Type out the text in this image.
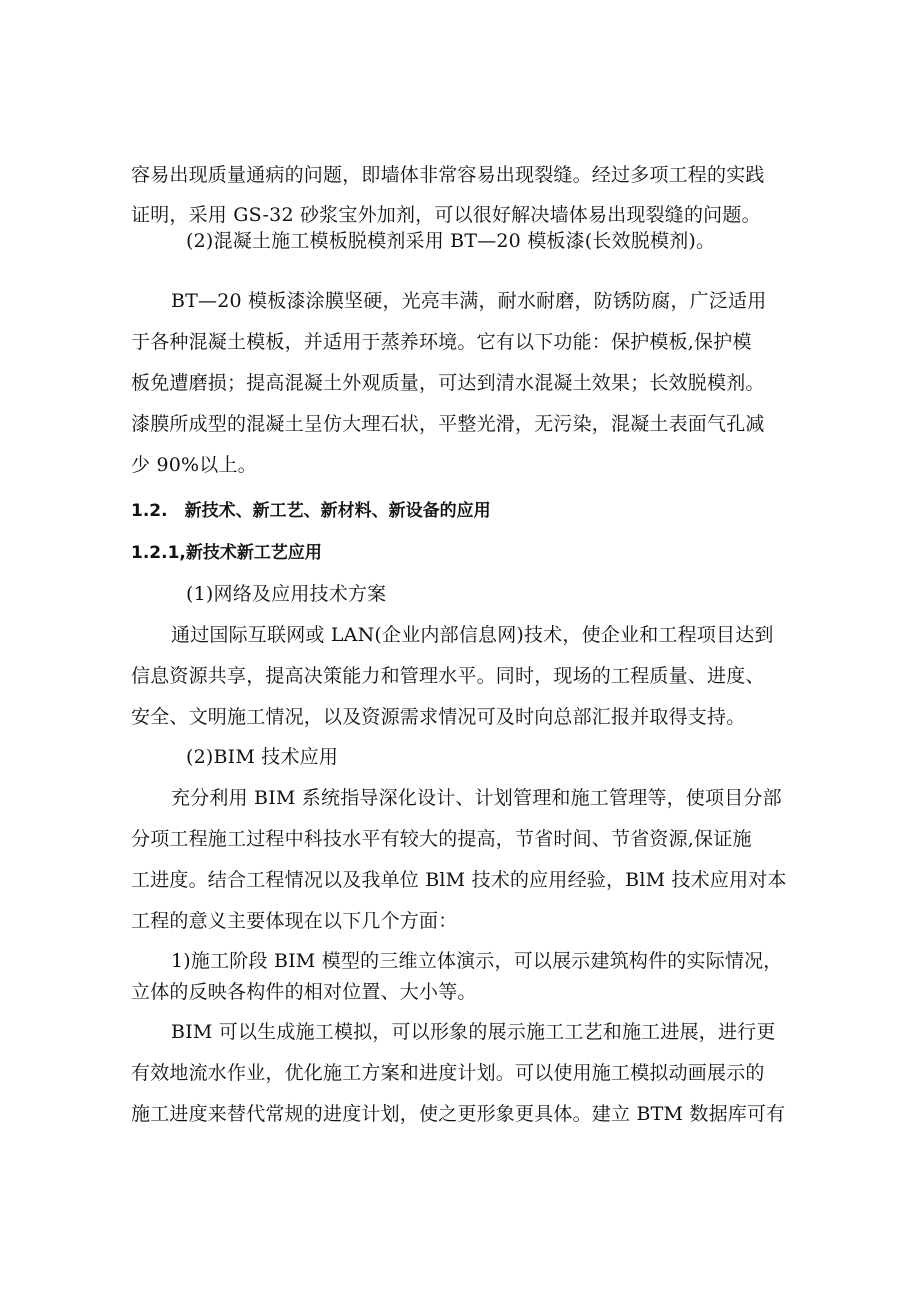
容易出现质量通病的问题，即墙体非常容易出现裂缝。经过多项工程的实践
证明，采用 GS-32 砂浆宝外加剂，可以很好解决墙体易出现裂缝的问题。

(2)混凝土施工模板脱模剂采用 BT—20 模板漆(长效脱模剂)。

BT—20 模板漆涂膜坚硬，光亮丰满，耐水耐磨，防锈防腐，广泛适用
于各种混凝土模板，并适用于蒸养环境。它有以下功能：保护模板,保护模
板免遭磨损；提高混凝土外观质量，可达到清水混凝土效果；长效脱模剂。
漆膜所成型的混凝土呈仿大理石状，平整光滑，无污染，混凝土表面气孔减
少 90%以上。
1.2.　新技术、新工艺、新材料、新设备的应用
1.2.1,新技术新工艺应用

(1)网络及应用技术方案

通过国际互联网或 LAN(企业内部信息网)技术，使企业和工程项目达到
信息资源共享，提高决策能力和管理水平。同时，现场的工程质量、进度、
安全、文明施工情况，以及资源需求情况可及时向总部汇报并取得支持。

(2)BIM 技术应用

充分利用 BIM 系统指导深化设计、计划管理和施工管理等，使项目分部
分项工程施工过程中科技水平有较大的提高，节省时间、节省资源,保证施
工进度。结合工程情况以及我单位 BlM 技术的应用经验，BlM 技术应用对本
工程的意义主要体现在以下几个方面：
1)施工阶段 BIM 模型的三维立体演示，可以展示建筑构件的实际情况，
立体的反映各构件的相对位置、大小等。
BIM 可以生成施工模拟，可以形象的展示施工工艺和施工进展，进行更
有效地流水作业，优化施工方案和进度计划。可以使用施工模拟动画展示的
施工进度来替代常规的进度计划，使之更形象更具体。建立 BTM 数据库可有
